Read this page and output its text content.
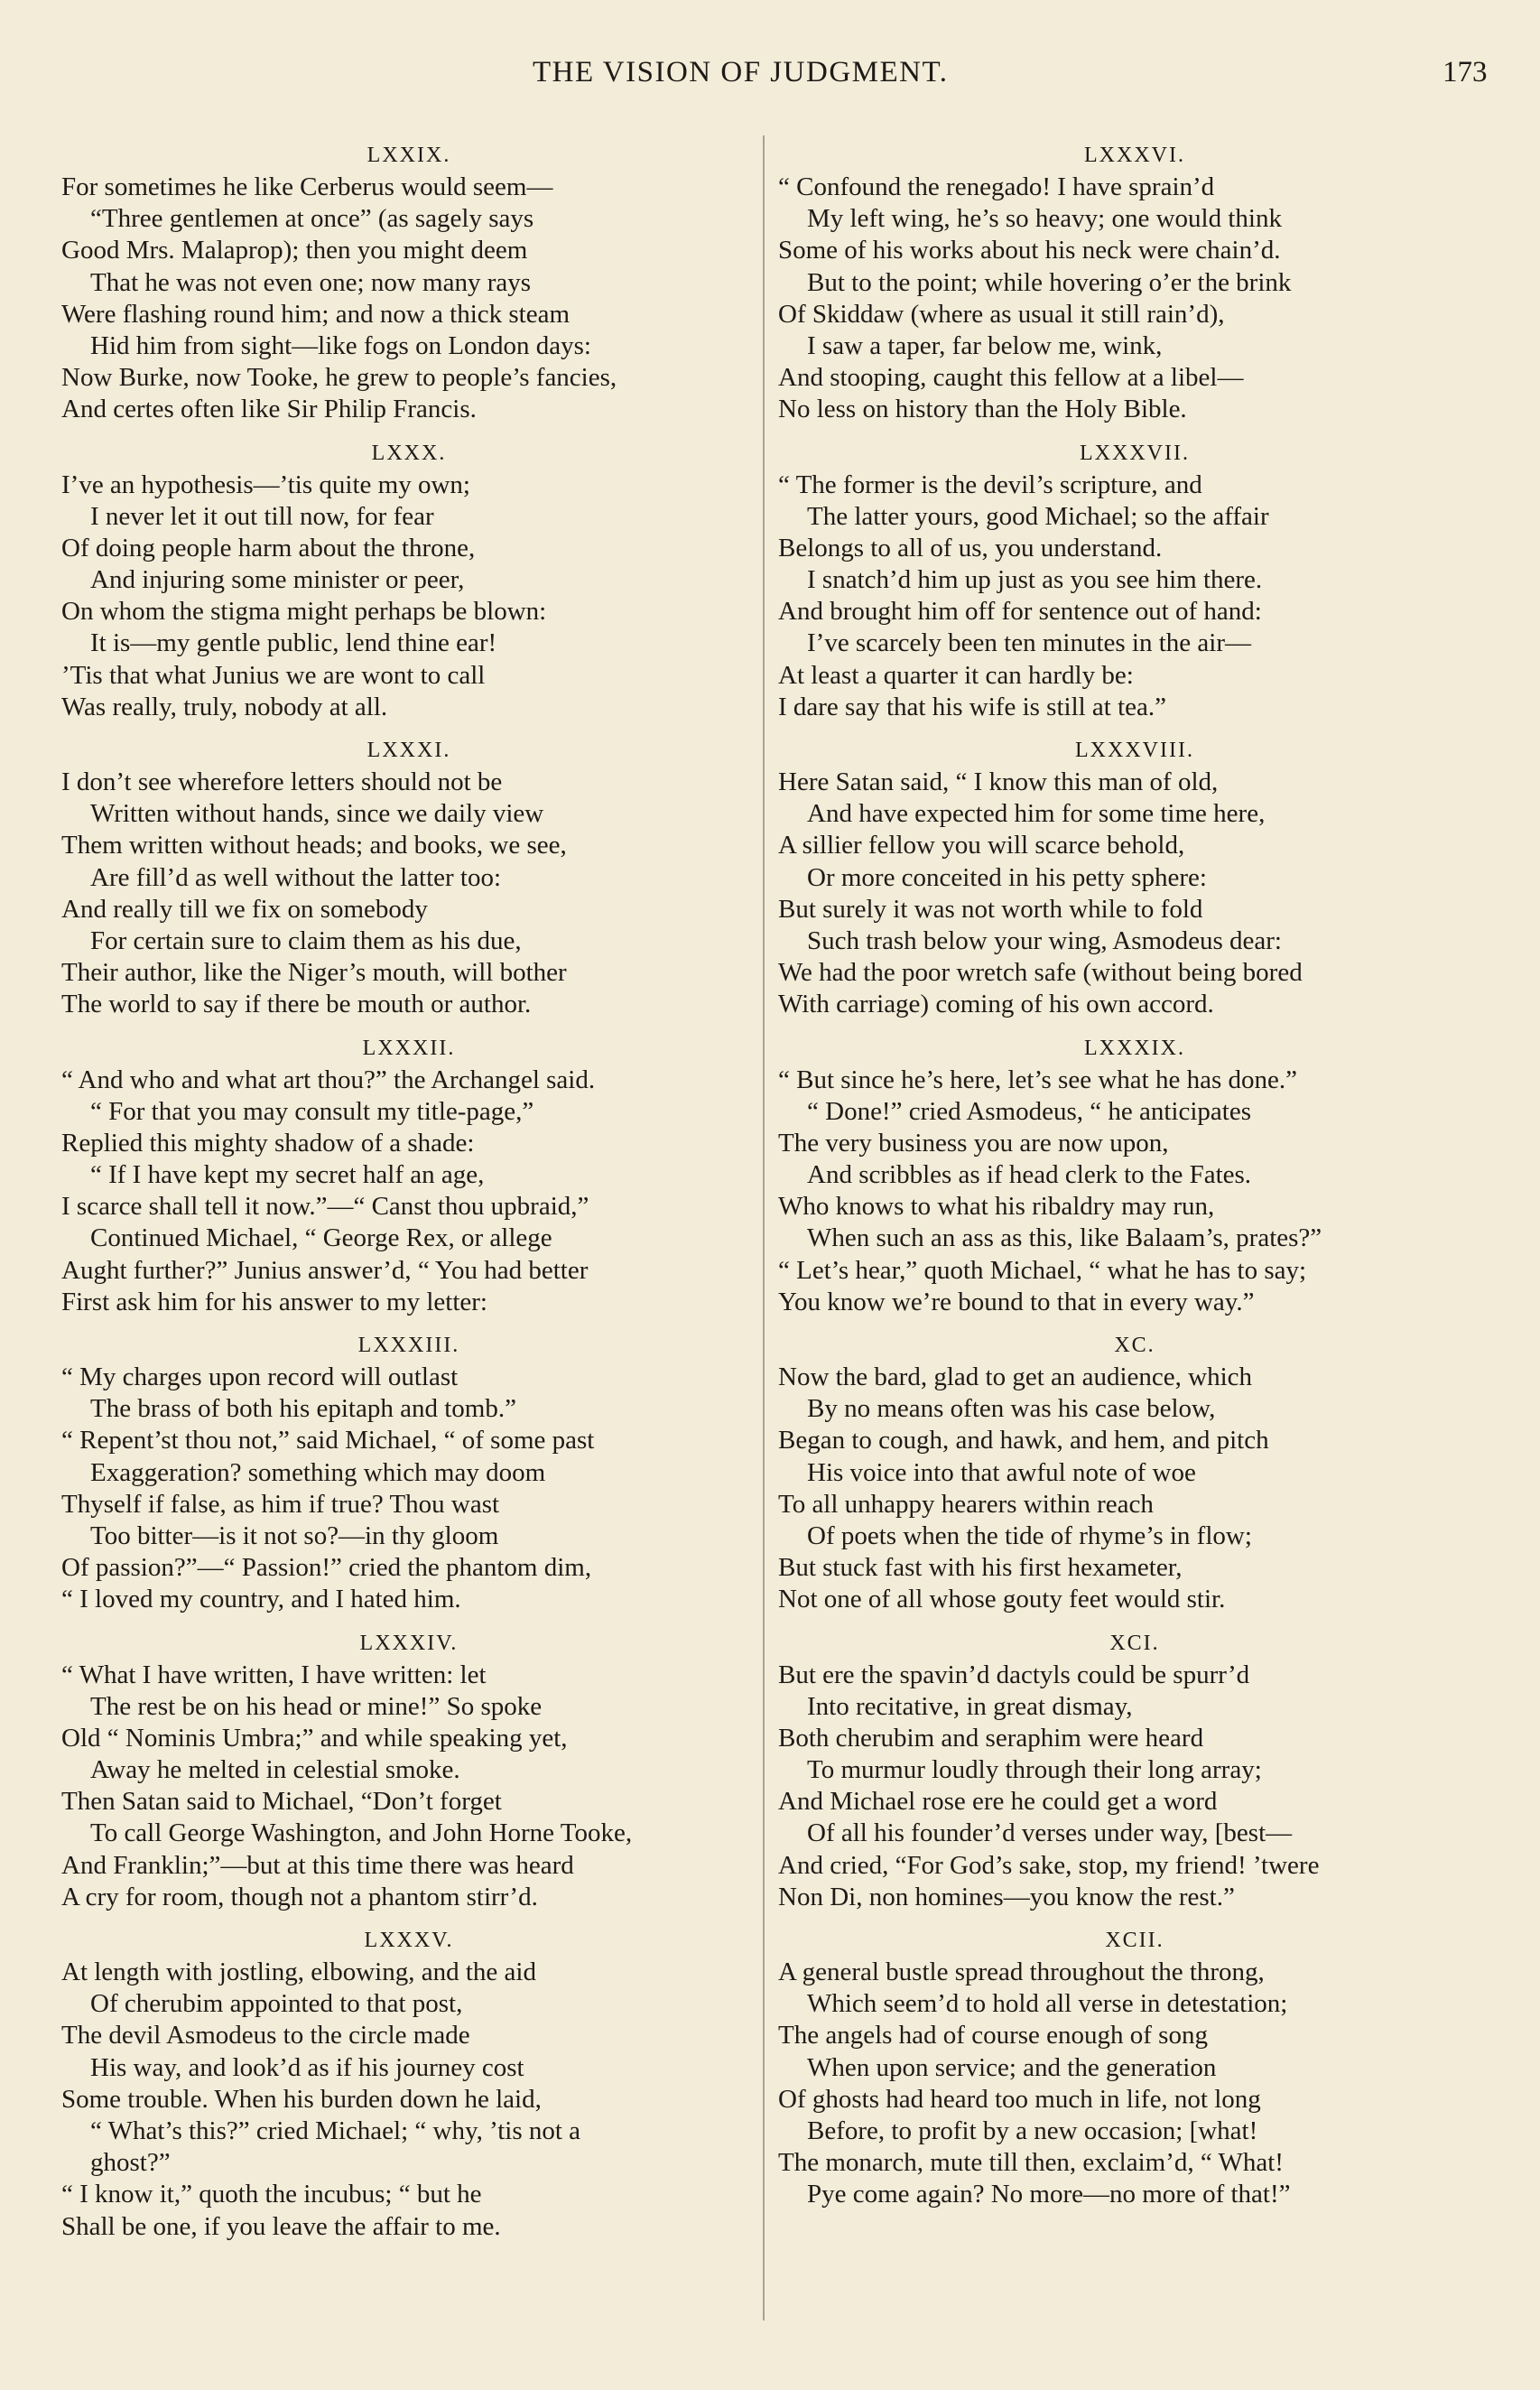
THE VISION OF JUDGMENT.	173
LXXIX.
For sometimes he like Cerberus would seem—
“Three gentlemen at once” (as sagely says
Good Mrs. Malaprop); then you might deem
That he was not even one; now many rays
Were flashing round him; and now a thick steam
Hid him from sight—like fogs on London days:
Now Burke, now Tooke, he grew to people’s fancies,
And certes often like Sir Philip Francis.
LXXX.
I’ve an hypothesis—’tis quite my own;
I never let it out till now, for fear
Of doing people harm about the throne,
And injuring some minister or peer,
On whom the stigma might perhaps be blown:
It is—my gentle public, lend thine ear!
’Tis that what Junius we are wont to call
Was really, truly, nobody at all.
LXXXI.
I don’t see wherefore letters should not be
Written without hands, since we daily view
Them written without heads; and books, we see,
Are fill’d as well without the latter too:
And really till we fix on somebody
For certain sure to claim them as his due,
Their author, like the Niger’s mouth, will bother
The world to say if there be mouth or author.
LXXXII.
“ And who and what art thou?” the Archangel said.
“ For that you may consult my title-page,”
Replied this mighty shadow of a shade:
“ If I have kept my secret half an age,
I scarce shall tell it now.”—“ Canst thou upbraid,”
Continued Michael, “ George Rex, or allege
Aught further?” Junius answer’d, “ You had better
First ask him for his answer to my letter:
LXXXIII.
“ My charges upon record will outlast
The brass of both his epitaph and tomb.”
“ Repent’st thou not,” said Michael, “ of some past
Exaggeration? something which may doom
Thyself if false, as him if true? Thou wast
Too bitter—is it not so?—in thy gloom
Of passion?”—“ Passion!” cried the phantom dim,
“ I loved my country, and I hated him.
LXXXIV.
“ What I have written, I have written: let
The rest be on his head or mine!” So spoke
Old “ Nominis Umbra;” and while speaking yet,
Away he melted in celestial smoke.
Then Satan said to Michael, “Don’t forget
To call George Washington, and John Horne Tooke,
And Franklin;”—but at this time there was heard
A cry for room, though not a phantom stirr’d.
LXXXV.
At length with jostling, elbowing, and the aid
Of cherubim appointed to that post,
The devil Asmodeus to the circle made
His way, and look’d as if his journey cost
Some trouble. When his burden down he laid,
“ What’s this?” cried Michael; “ why, ’tis not a
ghost?”
“ I know it,” quoth the incubus; “ but he
Shall be one, if you leave the affair to me.
LXXXVI.
“ Confound the renegado! I have sprain’d
My left wing, he’s so heavy; one would think
Some of his works about his neck were chain’d.
But to the point; while hovering o’er the brink
Of Skiddaw (where as usual it still rain’d),
I saw a taper, far below me, wink,
And stooping, caught this fellow at a libel—
No less on history than the Holy Bible.
LXXXVII.
“ The former is the devil’s scripture, and
The latter yours, good Michael; so the affair
Belongs to all of us, you understand.
I snatch’d him up just as you see him there.
And brought him off for sentence out of hand:
I’ve scarcely been ten minutes in the air—
At least a quarter it can hardly be:
I dare say that his wife is still at tea.”
LXXXVIII.
Here Satan said, “ I know this man of old,
And have expected him for some time here,
A sillier fellow you will scarce behold,
Or more conceited in his petty sphere:
But surely it was not worth while to fold
Such trash below your wing, Asmodeus dear:
We had the poor wretch safe (without being bored
With carriage) coming of his own accord.
LXXXIX.
“ But since he’s here, let’s see what he has done.”
“ Done!” cried Asmodeus, “ he anticipates
The very business you are now upon,
And scribbles as if head clerk to the Fates.
Who knows to what his ribaldry may run,
When such an ass as this, like Balaam’s, prates?”
“ Let’s hear,” quoth Michael, “ what he has to say;
You know we’re bound to that in every way.”
XC.
Now the bard, glad to get an audience, which
By no means often was his case below,
Began to cough, and hawk, and hem, and pitch
His voice into that awful note of woe
To all unhappy hearers within reach
Of poets when the tide of rhyme’s in flow;
But stuck fast with his first hexameter,
Not one of all whose gouty feet would stir.
XCI.
But ere the spavin’d dactyls could be spurr’d
Into recitative, in great dismay,
Both cherubim and seraphim were heard
To murmur loudly through their long array;
And Michael rose ere he could get a word
Of all his founder’d verses under way, [best—
And cried, “For God’s sake, stop, my friend! ’twere
Non Di, non homines—you know the rest.”
XCII.
A general bustle spread throughout the throng,
Which seem’d to hold all verse in detestation;
The angels had of course enough of song
When upon service; and the generation
Of ghosts had heard too much in life, not long
Before, to profit by a new occasion; [what!
The monarch, mute till then, exclaim’d, “ What!
Pye come again? No more—no more of that!”
